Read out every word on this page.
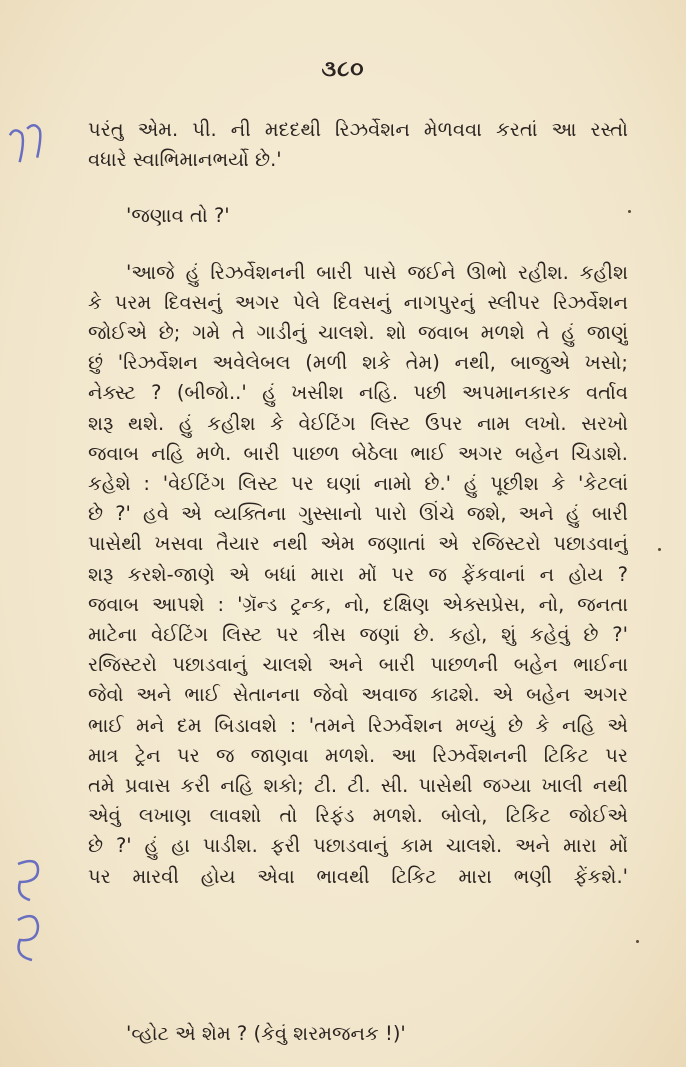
૩૮૦
પરંતુ એમ. પી. ની મદદથી રિઝર્વેશન મેળવવા કરતાં આ રસ્તો
વધારે સ્વાભિમાનભર્યો છે.'
'જણાવ તો ?'
'આજે હું રિઝર્વેશનની બારી પાસે જઈને ઊભો રહીશ. કહીશ
કે પરમ દિવસનું અગર પેલે દિવસનું નાગપુરનું સ્લીપર રિઝર્વેશન
જોઈએ છે; ગમે તે ગાડીનું ચાલશે. શો જવાબ મળશે તે હું જાણું
છું 'રિઝર્વેશન અવેલેબલ (મળી શકે તેમ) નથી, બાજુએ ખસો;
નેક્સ્ટ ? (બીજો..' હું ખસીશ નહિ. પછી અપમાનકારક વર્તાવ
શરૂ થશે. હું કહીશ કે વેઈટિંગ લિસ્ટ ઉપર નામ લખો. સરખો
જવાબ નહિ મળે. બારી પાછળ બેઠેલા ભાઈ અગર બહેન ચિડાશે.
કહેશે : 'વેઈટિંગ લિસ્ટ પર ઘણાં નામો છે.' હું પૂછીશ કે 'કેટલાં
છે ?' હવે એ વ્યક્તિના ગુસ્સાનો પારો ઊંચે જશે, અને હું બારી
પાસેથી ખસવા તૈયાર નથી એમ જણાતાં એ રજિસ્ટરો પછાડવાનું
શરૂ કરશે-જાણે એ બધાં મારા મોં પર જ ફેંકવાનાં ન હોય ?
જવાબ આપશે : 'ગ્રૅન્ડ ટ્રન્ક, નો, દક્ષિણ એક્સપ્રેસ, નો, જનતા
માટેના વેઈટિંગ લિસ્ટ પર ત્રીસ જણાં છે. કહો, શું કહેવું છે ?'
રજિસ્ટરો પછાડવાનું ચાલશે અને બારી પાછળની બહેન ભાઈના
જેવો અને ભાઈ સેતાનના જેવો અવાજ કાઢશે. એ બહેન અગર
ભાઈ મને દમ બિડાવશે : 'તમને રિઝર્વેશન મળ્યું છે કે નહિ એ
માત્ર ટ્રેન પર જ જાણવા મળશે. આ રિઝર્વેશનની ટિકિટ પર
તમે પ્રવાસ કરી નહિ શકો; ટી. ટી. સી. પાસેથી જગ્યા ખાલી નથી
એવું લખાણ લાવશો તો રિફંડ મળશે. બોલો, ટિકિટ જોઈએ
છે ?' હું હા પાડીશ. ફરી પછાડવાનું કામ ચાલશે. અને મારા મોં
પર મારવી હોય એવા ભાવથી ટિકિટ મારા ભણી ફેંકશે.'
'વ્હોટ એ શેમ ? (કેવું શરમજનક !)'
